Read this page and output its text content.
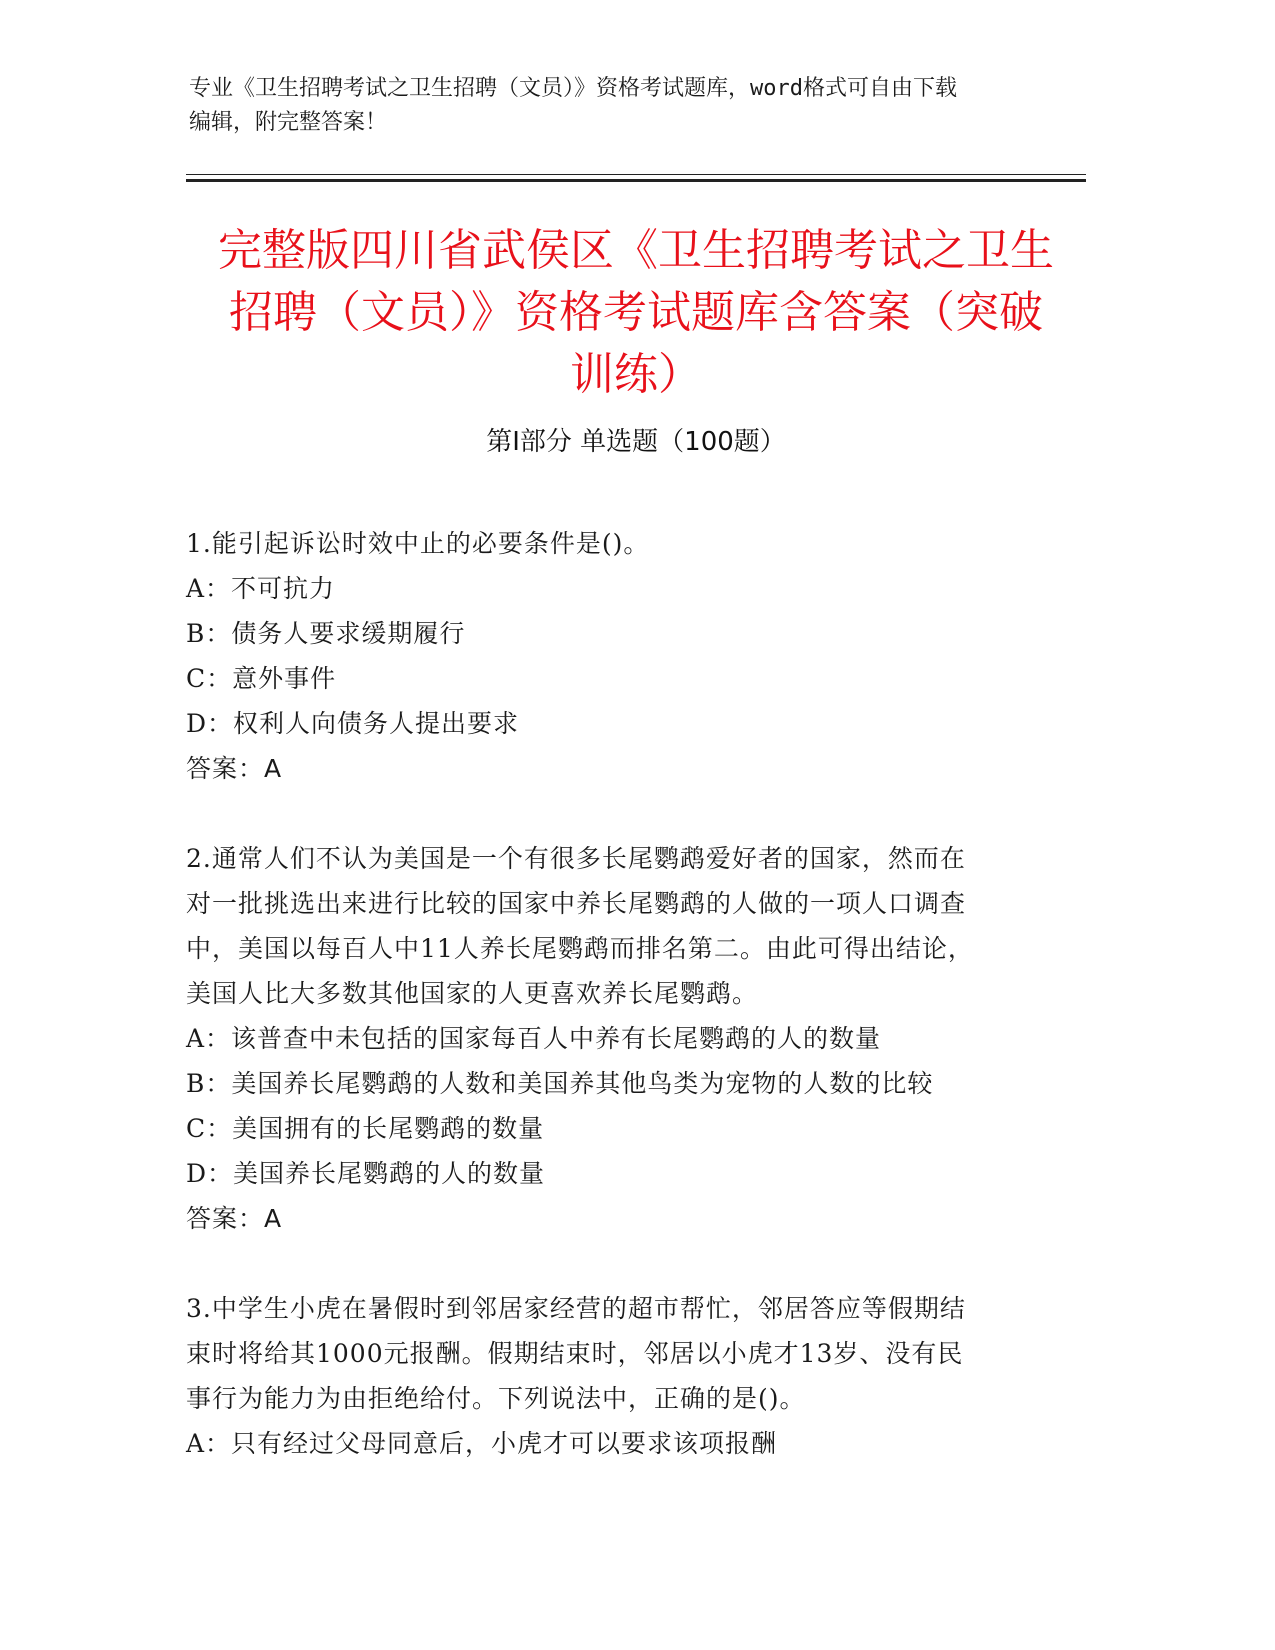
专业《卫生招聘考试之卫生招聘（文员）》资格考试题库，word格式可自由下载
编辑，附完整答案！
完整版四川省武侯区《卫生招聘考试之卫生
招聘（文员）》资格考试题库含答案（突破
训练）
第Ⅰ部分 单选题（100题）
1.能引起诉讼时效中止的必要条件是()。
A：不可抗力
B：债务人要求缓期履行
C：意外事件
D：权利人向债务人提出要求
答案：A
2.通常人们不认为美国是一个有很多长尾鹦鹉爱好者的国家，然而在
对一批挑选出来进行比较的国家中养长尾鹦鹉的人做的一项人口调查
中，美国以每百人中11人养长尾鹦鹉而排名第二。由此可得出结论，
美国人比大多数其他国家的人更喜欢养长尾鹦鹉。
A：该普查中未包括的国家每百人中养有长尾鹦鹉的人的数量
B：美国养长尾鹦鹉的人数和美国养其他鸟类为宠物的人数的比较
C：美国拥有的长尾鹦鹉的数量
D：美国养长尾鹦鹉的人的数量
答案：A
3.中学生小虎在暑假时到邻居家经营的超市帮忙，邻居答应等假期结
束时将给其1000元报酬。假期结束时，邻居以小虎才13岁、没有民
事行为能力为由拒绝给付。下列说法中，正确的是()。
A：只有经过父母同意后，小虎才可以要求该项报酬
